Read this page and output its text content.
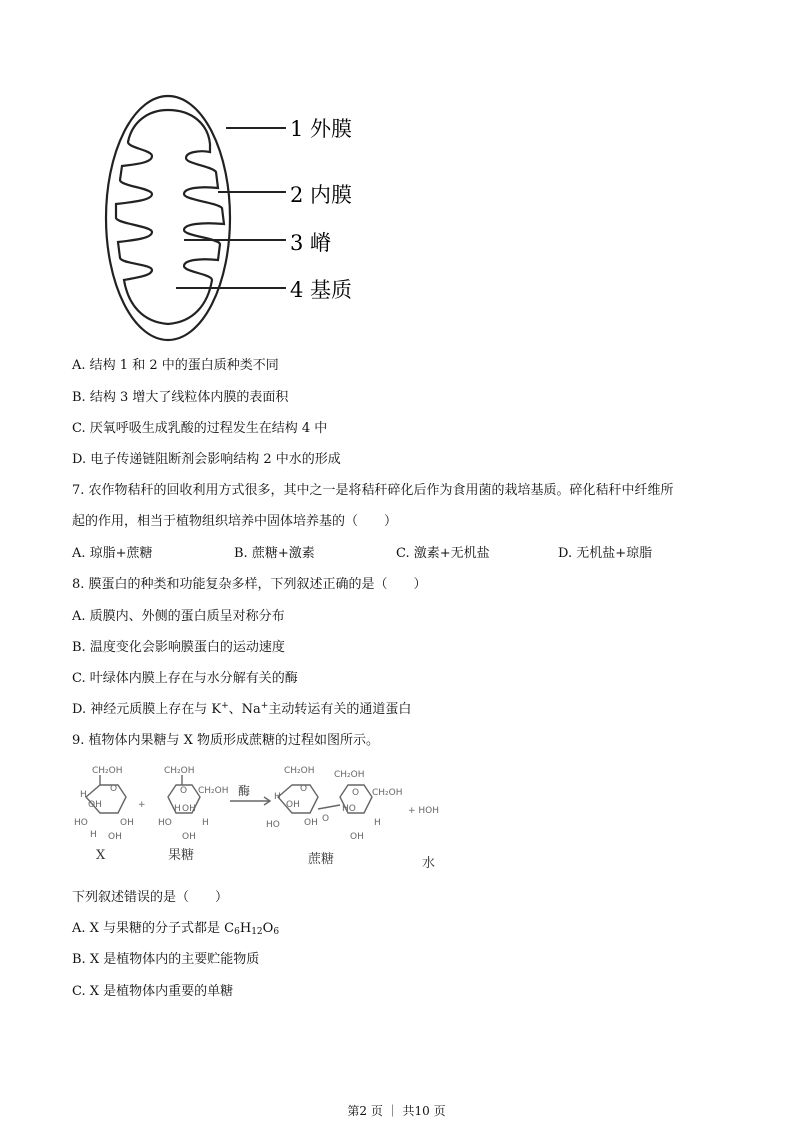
1 外膜
2 内膜
3 嵴
4 基质
A. 结构 1 和 2 中的蛋白质种类不同
B. 结构 3 增大了线粒体内膜的表面积
C. 厌氧呼吸生成乳酸的过程发生在结构 4 中
D. 电子传递链阻断剂会影响结构 2 中水的形成
7. 农作物秸秆的回收利用方式很多，其中之一是将秸秆碎化后作为食用菌的栽培基质。碎化秸秆中纤维所
起的作用，相当于植物组织培养中固体培养基的（　　）
A. 琼脂+蔗糖	B. 蔗糖+激素	C. 激素+无机盐	D. 无机盐+琼脂
8. 膜蛋白的种类和功能复杂多样，下列叙述正确的是（　　）
A. 质膜内、外侧的蛋白质呈对称分布
B. 温度变化会影响膜蛋白的运动速度
C. 叶绿体内膜上存在与水分解有关的酶
D. 神经元质膜上存在与 K+、Na+主动转运有关的通道蛋白
9. 植物体内果糖与 X 物质形成蔗糖的过程如图所示。
CH₂OH	CH₂OH
CH₂OH
CH₂OH CH₂OH
CH₂OH
O
H
OH
HO	OH
OH
H
+
O
HO
H OH
H
OH
O
H
OH
HO	OH O
O
HO
H
OH
+ HOH
酶
X	果糖	蔗糖	水
下列叙述错误的是（　　）
A. X 与果糖的分子式都是 $C_6H_{12}O_6$
B. X 是植物体内的主要贮能物质
C. X 是植物体内重要的单糖
第2 页 ｜ 共10 页
